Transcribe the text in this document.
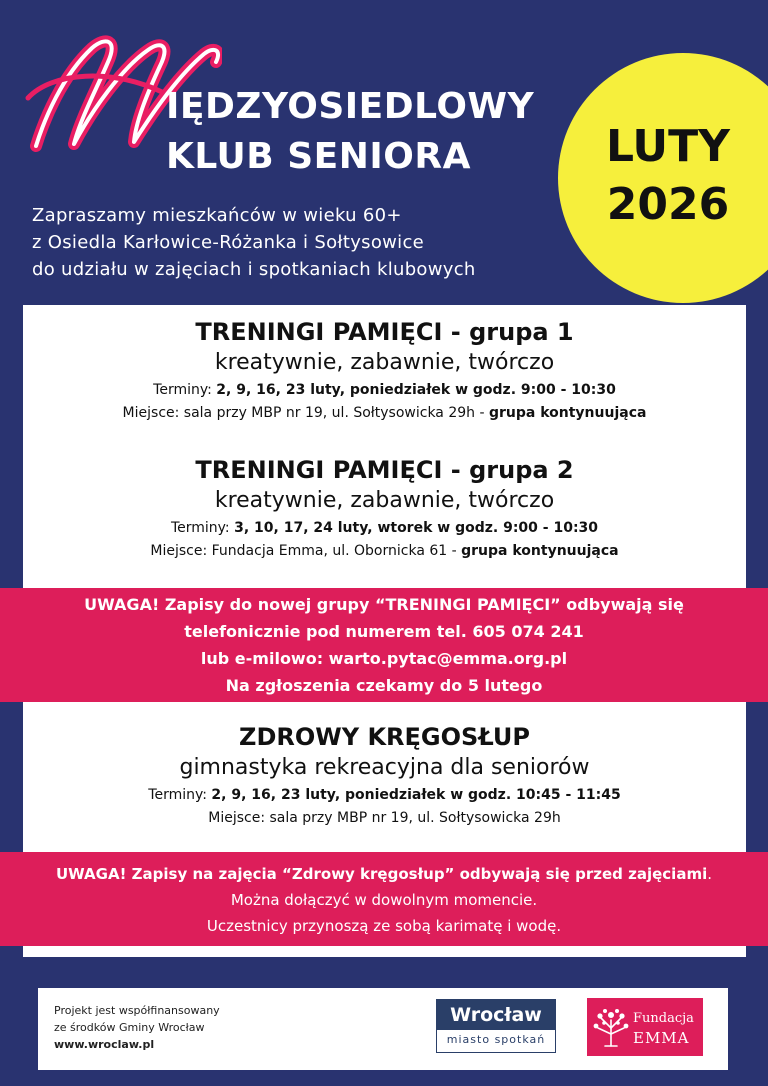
IĘDZYOSIEDLOWY
KLUB SENIORA
Zapraszamy mieszkańców w wieku 60+
z Osiedla Karłowice-Różanka i Sołtysowice
do udziału w zajęciach i spotkaniach klubowych
LUTY
2026
TRENINGI PAMIĘCI - grupa 1
kreatywnie, zabawnie, twórczo
Terminy: 2, 9, 16, 23 luty, poniedziałek w godz. 9:00 - 10:30
Miejsce: sala przy MBP nr 19, ul. Sołtysowicka 29h - grupa kontynuująca
TRENINGI PAMIĘCI - grupa 2
kreatywnie, zabawnie, twórczo
Terminy: 3, 10, 17, 24 luty, wtorek w godz. 9:00 - 10:30
Miejsce: Fundacja Emma, ul. Obornicka 61 - grupa kontynuująca
UWAGA! Zapisy do nowej grupy “TRENINGI PAMIĘCI” odbywają się
telefonicznie pod numerem tel. 605 074 241
lub e-milowo: warto.pytac@emma.org.pl
Na zgłoszenia czekamy do 5 lutego
ZDROWY KRĘGOSŁUP
gimnastyka rekreacyjna dla seniorów
Terminy: 2, 9, 16, 23 luty, poniedziałek w godz. 10:45 - 11:45
Miejsce: sala przy MBP nr 19, ul. Sołtysowicka 29h
UWAGA! Zapisy na zajęcia “Zdrowy kręgosłup” odbywają się przed zajęciami.
Można dołączyć w dowolnym momencie.
Uczestnicy przynoszą ze sobą karimatę i wodę.
Projekt jest współfinansowany
ze środków Gminy Wrocław
www.wroclaw.pl
Wrocław
miasto spotkań
Fundacja
EMMA
